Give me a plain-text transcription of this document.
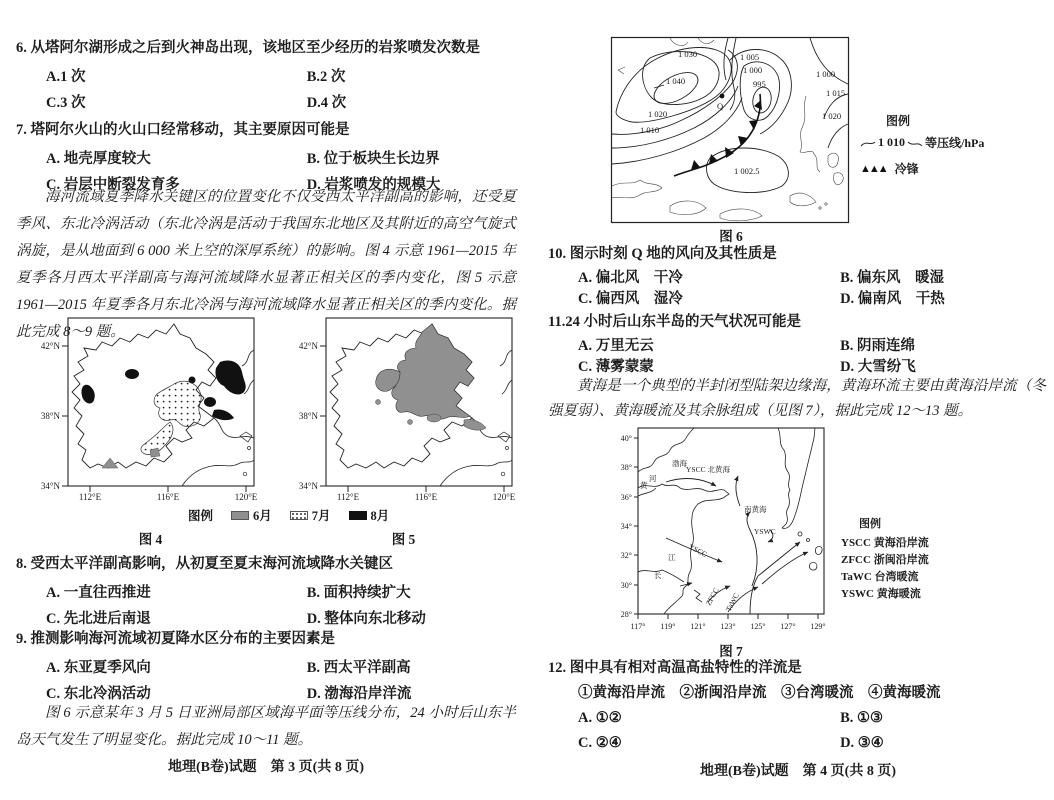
6. 从塔阿尔湖形成之后到火神岛出现，该地区至少经历的岩浆喷发次数是
A.1 次	B.2 次
C.3 次	D.4 次
7. 塔阿尔火山的火山口经常移动，其主要原因可能是
A. 地壳厚度较大	B. 位于板块生长边界
C. 岩层中断裂发育多	D. 岩浆喷发的规模大
海河流域夏季降水关键区的位置变化不仅受西太平洋副高的影响，还受夏季风、东北冷涡活动（东北冷涡是活动于我国东北地区及其附近的高空气旋式涡旋，是从地面到 6 000 米上空的深厚系统）的影响。图 4 示意 1961—2015 年夏季各月西太平洋副高与海河流域降水显著正相关区的季内变化，图 5 示意 1961—2015 年夏季各月东北冷涡与海河流域降水显著正相关区的季内变化。据此完成 8～9 题。
42°N
38°N
34°N
112°E	116°E	120°E
42°N
38°N
34°N
112°E	116°E	120°E
图例	6月	7月	8月
图 4	图 5
8. 受西太平洋副高影响，从初夏至夏末海河流域降水关键区
A. 一直往西推进	B. 面积持续扩大
C. 先北进后南退	D. 整体向东北移动
9. 推测影响海河流域初夏降水区分布的主要因素是
A. 东亚夏季风向	B. 西太平洋副高
C. 东北冷涡活动	D. 渤海沿岸洋流
图 6 示意某年 3 月 5 日亚洲局部区域海平面等压线分布，24 小时后山东半岛天气发生了明显变化。据此完成 10～11 题。
地理(B卷)试题　第 3 页(共 8 页)
Q
1 030
1 040
1 020
1 010
1 005
1 000
995
1 002.5
1 000
1 015
1 020	图例
1 010 等压线/hPa
▲▲▲ 冷锋
图 6
10. 图示时刻 Q 地的风向及其性质是
A. 偏北风　干冷	B. 偏东风　暖湿
C. 偏西风　湿冷	D. 偏南风　干热
11.24 小时后山东半岛的天气状况可能是
A. 万里无云	B. 阴雨连绵
C. 薄雾蒙蒙	D. 大雪纷飞
黄海是一个典型的半封闭型陆架边缘海，黄海环流主要由黄海沿岸流（冬强夏弱）、黄海暖流及其余脉组成（见图 7），据此完成 12～13 题。
渤海
黄
河
YSCC 北黄海
南黄海
YSWC
YSCC
长
江
ZFCC TaWC
40°
38°
36°
34°
32°
30°
28°
117° 119° 121° 123° 125° 127° 129°
图例
YSCC 黄海沿岸流
ZFCC 浙闽沿岸流
TaWC 台湾暖流
YSWC 黄海暖流
图 7
12. 图中具有相对高温高盐特性的洋流是
①黄海沿岸流　②浙闽沿岸流　③台湾暖流　④黄海暖流
A. ①②	B. ①③
C. ②④	D. ③④
地理(B卷)试题　第 4 页(共 8 页)
